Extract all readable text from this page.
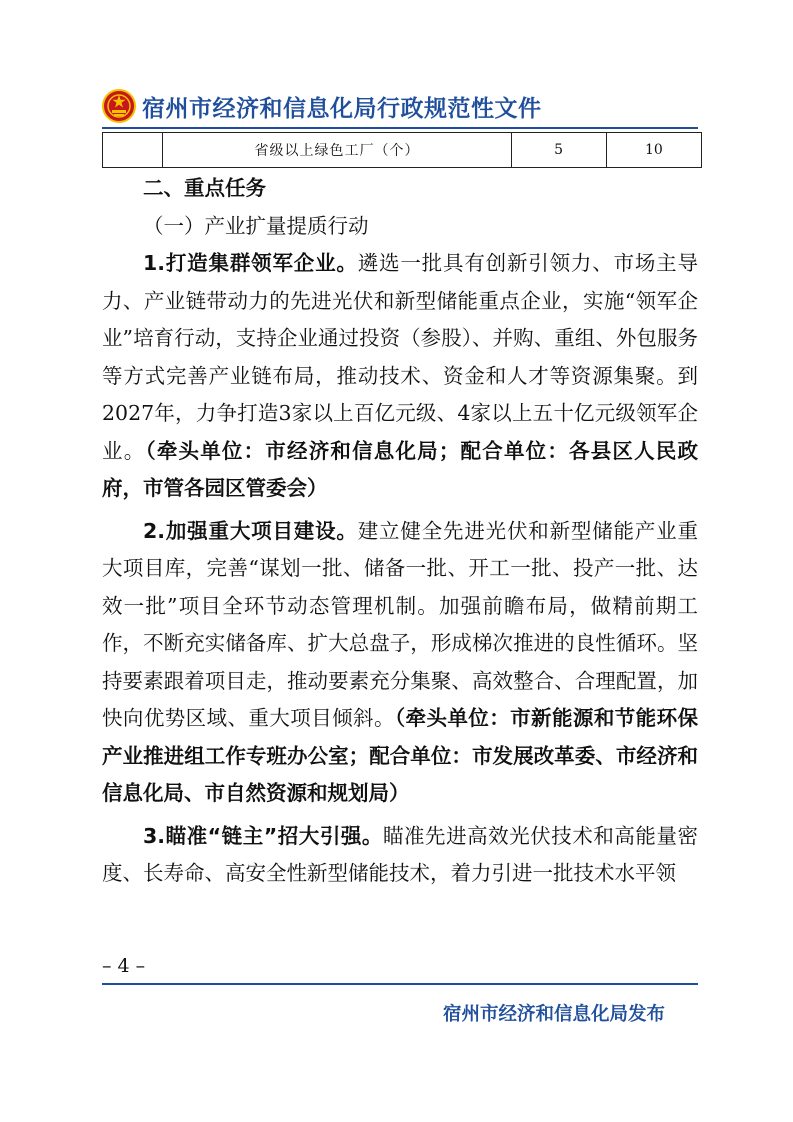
宿州市经济和信息化局行政规范性文件
	省级以上绿色工厂（个）	5	10
二、重点任务
（一）产业扩量提质行动

1.打造集群领军企业。遴选一批具有创新引领力、市场主导力、产业链带动力的先进光伏和新型储能重点企业，实施“领军企业”培育行动，支持企业通过投资（参股）、并购、重组、外包服务等方式完善产业链布局，推动技术、资金和人才等资源集聚。到2027年，力争打造3家以上百亿元级、4家以上五十亿元级领军企业。（牵头单位：市经济和信息化局；配合单位：各县区人民政府，市管各园区管委会）

2.加强重大项目建设。建立健全先进光伏和新型储能产业重大项目库，完善“谋划一批、储备一批、开工一批、投产一批、达效一批”项目全环节动态管理机制。加强前瞻布局，做精前期工作，不断充实储备库、扩大总盘子，形成梯次推进的良性循环。坚持要素跟着项目走，推动要素充分集聚、高效整合、合理配置，加快向优势区域、重大项目倾斜。（牵头单位：市新能源和节能环保产业推进组工作专班办公室；配合单位：市发展改革委、市经济和信息化局、市自然资源和规划局）

3.瞄准“链主”招大引强。瞄准先进高效光伏技术和高能量密度、长寿命、高安全性新型储能技术，着力引进一批技术水平领

– 4 –
宿州市经济和信息化局发布
